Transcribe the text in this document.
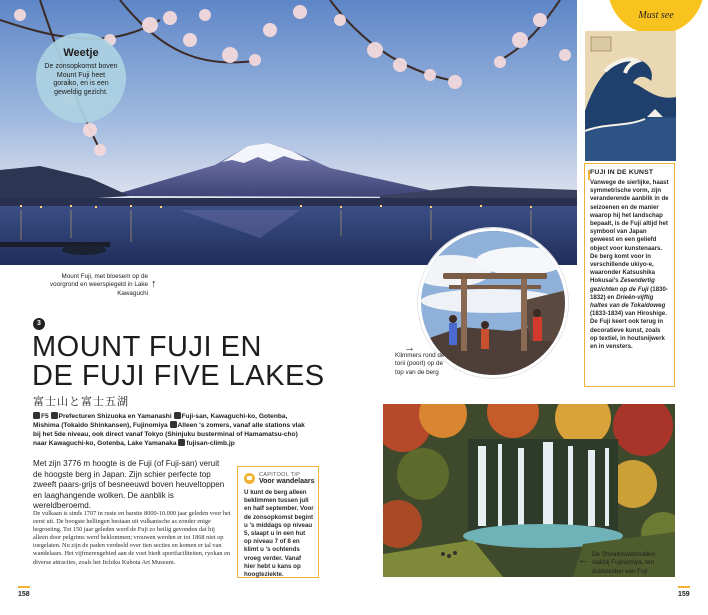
Weetje
De zonsopkomst boven Mount Fuji heet goraiko, en is een geweldig gezicht.
Mount Fuji, met bloesem op de voorgrond en weerspiegeld in Lake Kawaguchi
↑
→
Klimmers rond de torii (poort) op de top van de berg
3
MOUNT FUJI EN
DE FUJI FIVE LAKES
富士山と富士五湖
F5 Prefecturen Shizuoka en Yamanashi Fuji-san, Kawaguchi-ko, Gotenba, Mishima (Tokaido Shinkansen), Fujinomiya Alleen 's zomers, vanaf alle stations vlak bij het 5de niveau, ook direct vanaf Tokyo (Shinjuku busterminal of Hamamatsu-cho) naar Kawaguchi-ko, Gotenba, Lake Yamanaka fujisan-climb.jp
Met zijn 3776 m hoogte is de Fuji (of Fuji-san) veruit de hoogste berg in Japan. Zijn schier perfecte top zweeft paars-grijs of besneeuwd boven heuveltoppen en laaghangende wolken. De aanblik is wereldberoemd.
De vulkaan is sinds 1707 in ruste en barstte 8000-10.000 jaar geleden voor het eerst uit. De hoogste hellingen bestaan uit vulkanische as zonder enige begroeiing. Tot 150 jaar geleden werd de Fuji zo heilig gevonden dat hij alleen door pelgrims werd beklommen; vrouwen werden er tot 1868 niet op toegelaten. Nu zijn de paden verdeeld over tien secties en komen er tal van wandelaars. Het vijfmerengebied aan de voet biedt sportfaciliteiten, ryokan en diverse attracties, zoals het Itchiku Kubota Art Museum.
CAPITOOL TIP
Voor wandelaars
U kunt de berg alleen beklimmen tussen juli en half september. Voor de zonsopkomst begint u 's middags op niveau 5, slaapt u in een hut op niveau 7 of 8 en klimt u 's ochtends vroeg verder. Vanaf hier hebt u kans op hoogteziekte.
158	159
Must see
FUJI IN DE KUNST
Vanwege de sierlijke, haast symmetrische vorm, zijn veranderende aanblik in de seizoenen en de manier waarop hij het landschap bepaalt, is de Fuji altijd het symbool van Japan geweest en een geliefd object voor kunstenaars. De berg komt voor in verschillende ukiyo-e, waaronder Katsushika Hokusai's Zesendertig gezichten op de Fuji (1830-1832) en Drieën-vijftig haltes van de Tokaidoweg (1833-1834) van Hiroshige. De Fuji keert ook terug in decoratieve kunst, zoals op textiel, in houtsnijwerk en in vensters.
← De Shiraitowatervallen vlakbij Fujinomiya, ten zuidwesten van Fuji
